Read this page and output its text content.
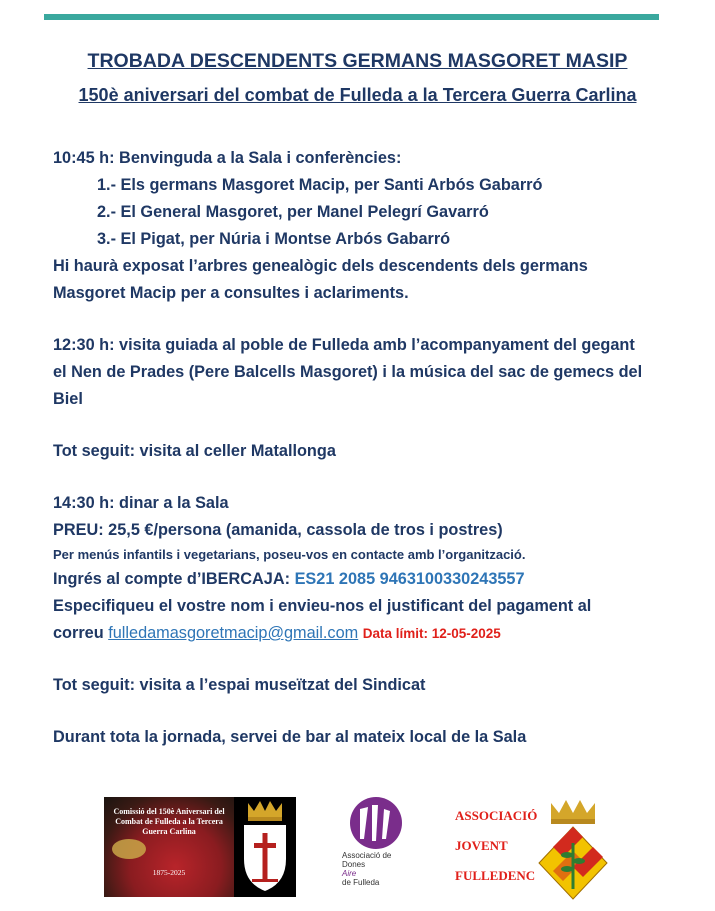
TROBADA DESCENDENTS GERMANS MASGORET MASIP
150è aniversari del combat de Fulleda a la Tercera Guerra Carlina

10:45 h: Benvinguda a la Sala i conferències:

1.- Els germans Masgoret Macip, per Santi Arbós Gabarró

2.- El General Masgoret, per Manel Pelegrí Gavarró

3.- El Pigat, per Núria i Montse Arbós Gabarró

Hi haurà exposat l’arbres genealògic dels descendents dels germans

Masgoret Macip per a consultes i aclariments.

12:30 h: visita guiada al poble de Fulleda amb l’acompanyament del gegant

el Nen de Prades (Pere Balcells Masgoret) i la música del sac de gemecs del

Biel

Tot seguit: visita al celler Matallonga

14:30 h: dinar a la Sala

PREU: 25,5 €/persona (amanida, cassola de tros i postres)

Per menús infantils i vegetarians, poseu-vos en contacte amb l’organització.

Ingrés al compte d’IBERCAJA: ES21 2085 9463100330243557

Especifiqueu el vostre nom i envieu-nos el justificant del pagament al

correu fulledamasgoretmacip@gmail.com Data límit: 12-05-2025

Tot seguit: visita a l’espai museïtzat del Sindicat

Durant tota la jornada, servei de bar al mateix local de la Sala

Comissió del 150è Aniversari del Combat de Fulleda a la Tercera Guerra Carlina
1875-2025
Associació de Dones
Aire
de Fulleda
ASSOCIACIÓ
JOVENT
FULLEDENC
